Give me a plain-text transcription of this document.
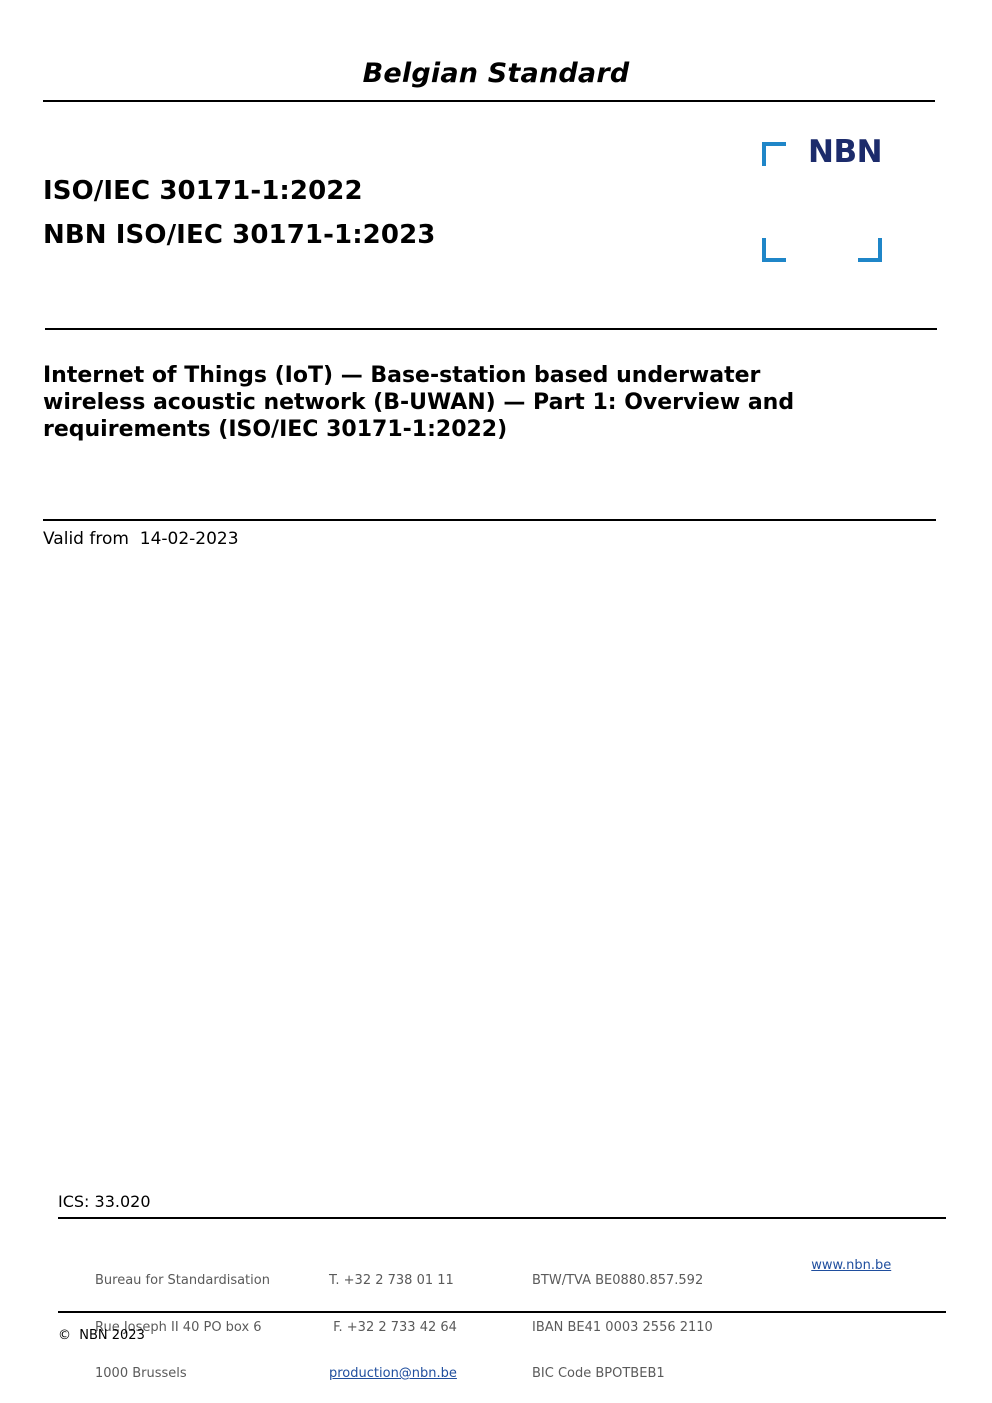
Belgian Standard
ISO/IEC 30171-1:2022
NBN ISO/IEC 30171-1:2023
NBN
Internet of Things (IoT) — Base-station based underwater
wireless acoustic network (B-UWAN) — Part 1: Overview and
requirements (ISO/IEC 30171-1:2022)
Valid from 14-02-2023
ICS: 33.020

Bureau for Standardisation

Rue Joseph II 40 PO box 6

1000 Brussels

T. +32 2 738 01 11

F. +32 2 733 42 64

production@nbn.be

BTW/TVA BE0880.857.592

IBAN BE41 0003 2556 2110

BIC Code BPOTBEB1

www.nbn.be

©  NBN 2023
